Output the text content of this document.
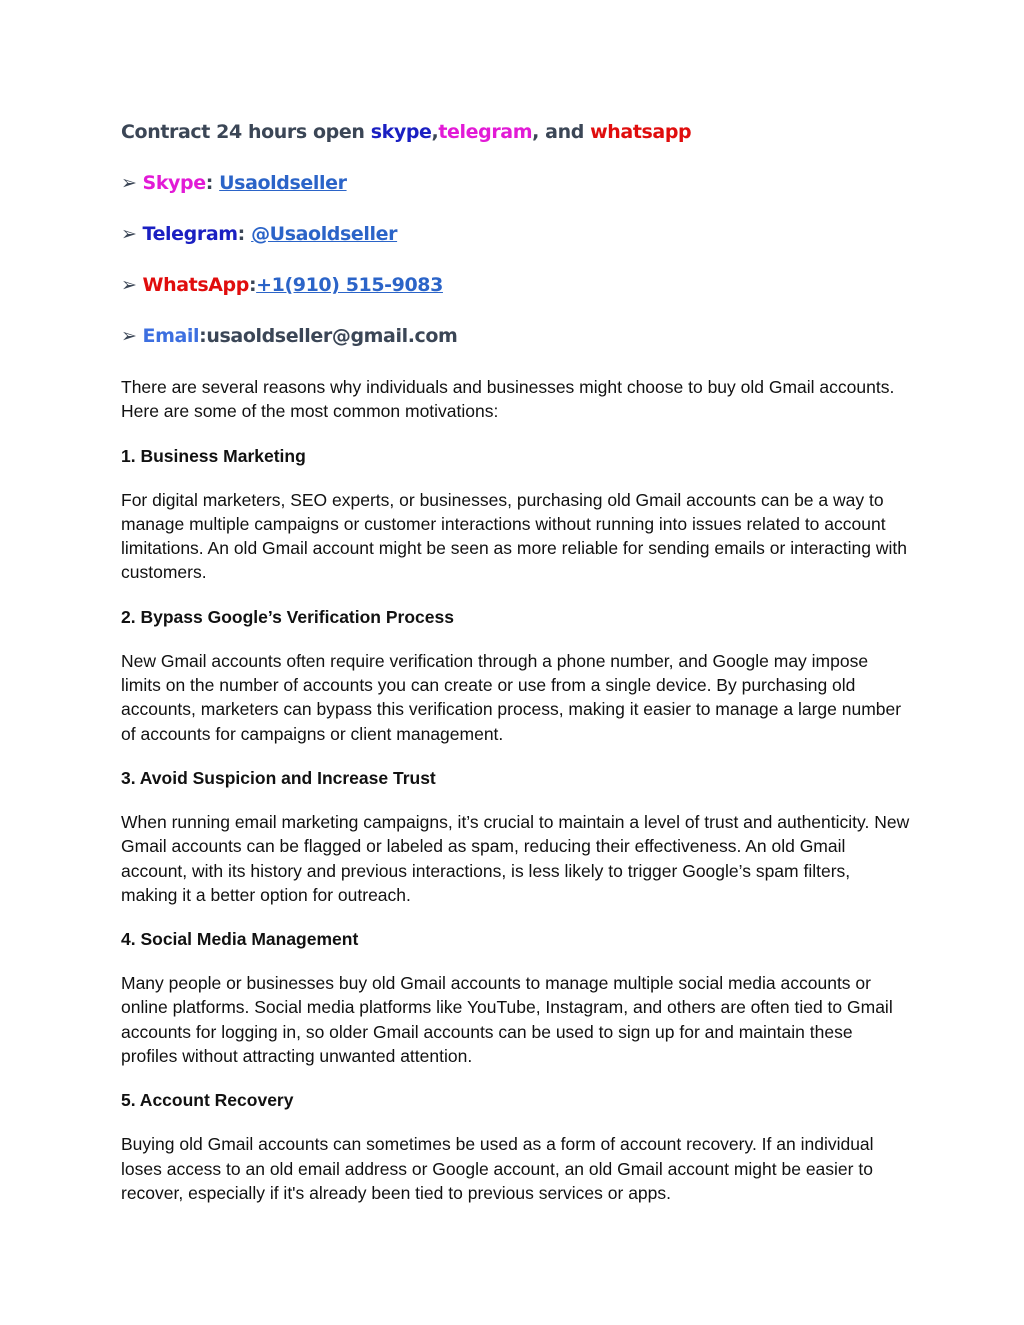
Contract 24 hours open skype,telegram, and whatsapp
➢ Skype: Usaoldseller
➢ Telegram: @Usaoldseller
➢ WhatsApp:+1(910) 515-9083
➢ Email:usaoldseller@gmail.com

There are several reasons why individuals and businesses might choose to buy old Gmail accounts. Here are some of the most common motivations:

1. Business Marketing

For digital marketers, SEO experts, or businesses, purchasing old Gmail accounts can be a way to manage multiple campaigns or customer interactions without running into issues related to account limitations. An old Gmail account might be seen as more reliable for sending emails or interacting with customers.

2. Bypass Google’s Verification Process

New Gmail accounts often require verification through a phone number, and Google may impose limits on the number of accounts you can create or use from a single device. By purchasing old accounts, marketers can bypass this verification process, making it easier to manage a large number of accounts for campaigns or client management.

3. Avoid Suspicion and Increase Trust

When running email marketing campaigns, it’s crucial to maintain a level of trust and authenticity. New Gmail accounts can be flagged or labeled as spam, reducing their effectiveness. An old Gmail account, with its history and previous interactions, is less likely to trigger Google’s spam filters, making it a better option for outreach.

4. Social Media Management

Many people or businesses buy old Gmail accounts to manage multiple social media accounts or online platforms. Social media platforms like YouTube, Instagram, and others are often tied to Gmail accounts for logging in, so older Gmail accounts can be used to sign up for and maintain these profiles without attracting unwanted attention.

5. Account Recovery

Buying old Gmail accounts can sometimes be used as a form of account recovery. If an individual loses access to an old email address or Google account, an old Gmail account might be easier to recover, especially if it's already been tied to previous services or apps.
